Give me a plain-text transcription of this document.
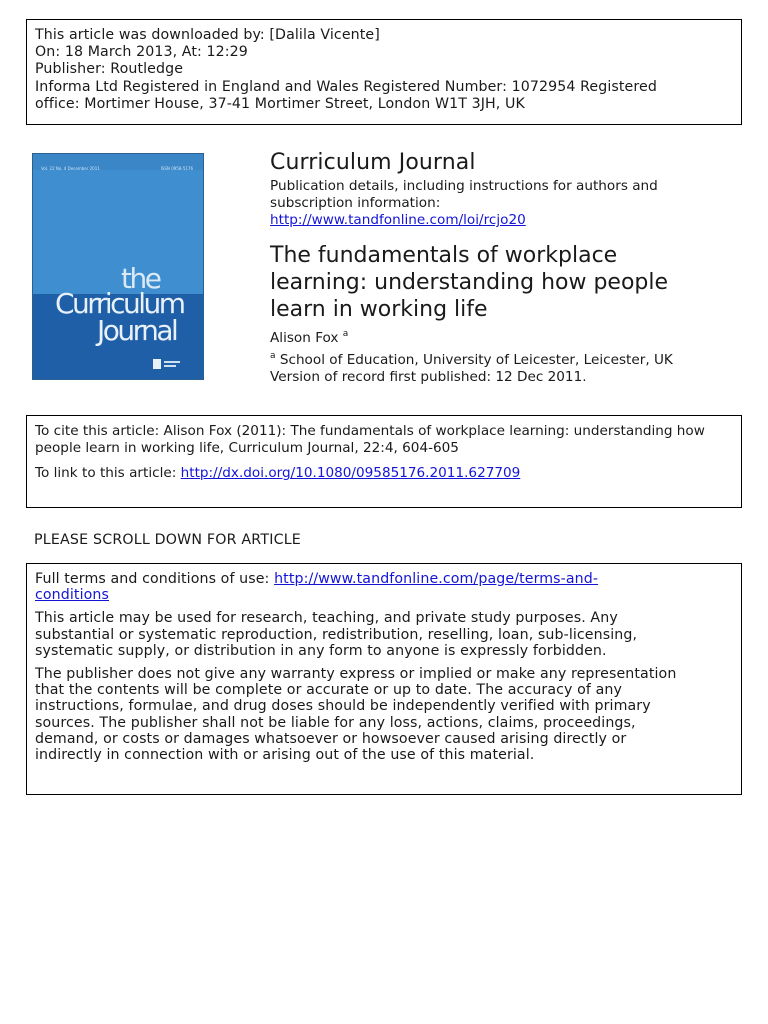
This article was downloaded by: [Dalila Vicente]
On: 18 March 2013, At: 12:29
Publisher: Routledge
Informa Ltd Registered in England and Wales Registered Number: 1072954 Registered
office: Mortimer House, 37-41 Mortimer Street, London W1T 3JH, UK
Vol. 22 No. 4 December 2011	ISSN 0958-5176
the
Curriculum
Journal
Curriculum Journal
Publication details, including instructions for authors and
subscription information:
http://www.tandfonline.com/loi/rcjo20
The fundamentals of workplace
learning: understanding how people
learn in working life
Alison Fox $^a$
$^a$ School of Education, University of Leicester, Leicester, UK
Version of record first published: 12 Dec 2011.
To cite this article: Alison Fox (2011): The fundamentals of workplace learning: understanding how
people learn in working life, Curriculum Journal, 22:4, 604-605
To link to this article: http://dx.doi.org/10.1080/09585176.2011.627709
PLEASE SCROLL DOWN FOR ARTICLE
Full terms and conditions of use: http://www.tandfonline.com/page/terms-and-
conditions
This article may be used for research, teaching, and private study purposes. Any
substantial or systematic reproduction, redistribution, reselling, loan, sub-licensing,
systematic supply, or distribution in any form to anyone is expressly forbidden.
The publisher does not give any warranty express or implied or make any representation
that the contents will be complete or accurate or up to date. The accuracy of any
instructions, formulae, and drug doses should be independently verified with primary
sources. The publisher shall not be liable for any loss, actions, claims, proceedings,
demand, or costs or damages whatsoever or howsoever caused arising directly or
indirectly in connection with or arising out of the use of this material.
